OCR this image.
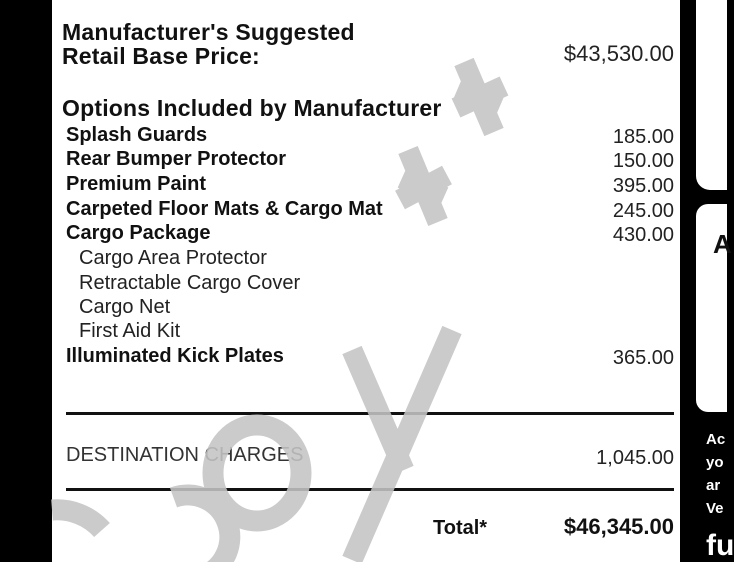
Manufacturer's Suggested
Retail Base Price:	$43,530.00
Options Included by Manufacturer
Splash Guards	185.00
Rear Bumper Protector	150.00
Premium Paint	395.00
Carpeted Floor Mats & Cargo Mat	245.00
Cargo Package	430.00
Cargo Area Protector
Retractable Cargo Cover
Cargo Net
First Aid Kit
Illuminated Kick Plates	365.00
DESTINATION CHARGES	1,045.00
Total*	$46,345.00
A
Ac
yo
ar
Ve
fu
